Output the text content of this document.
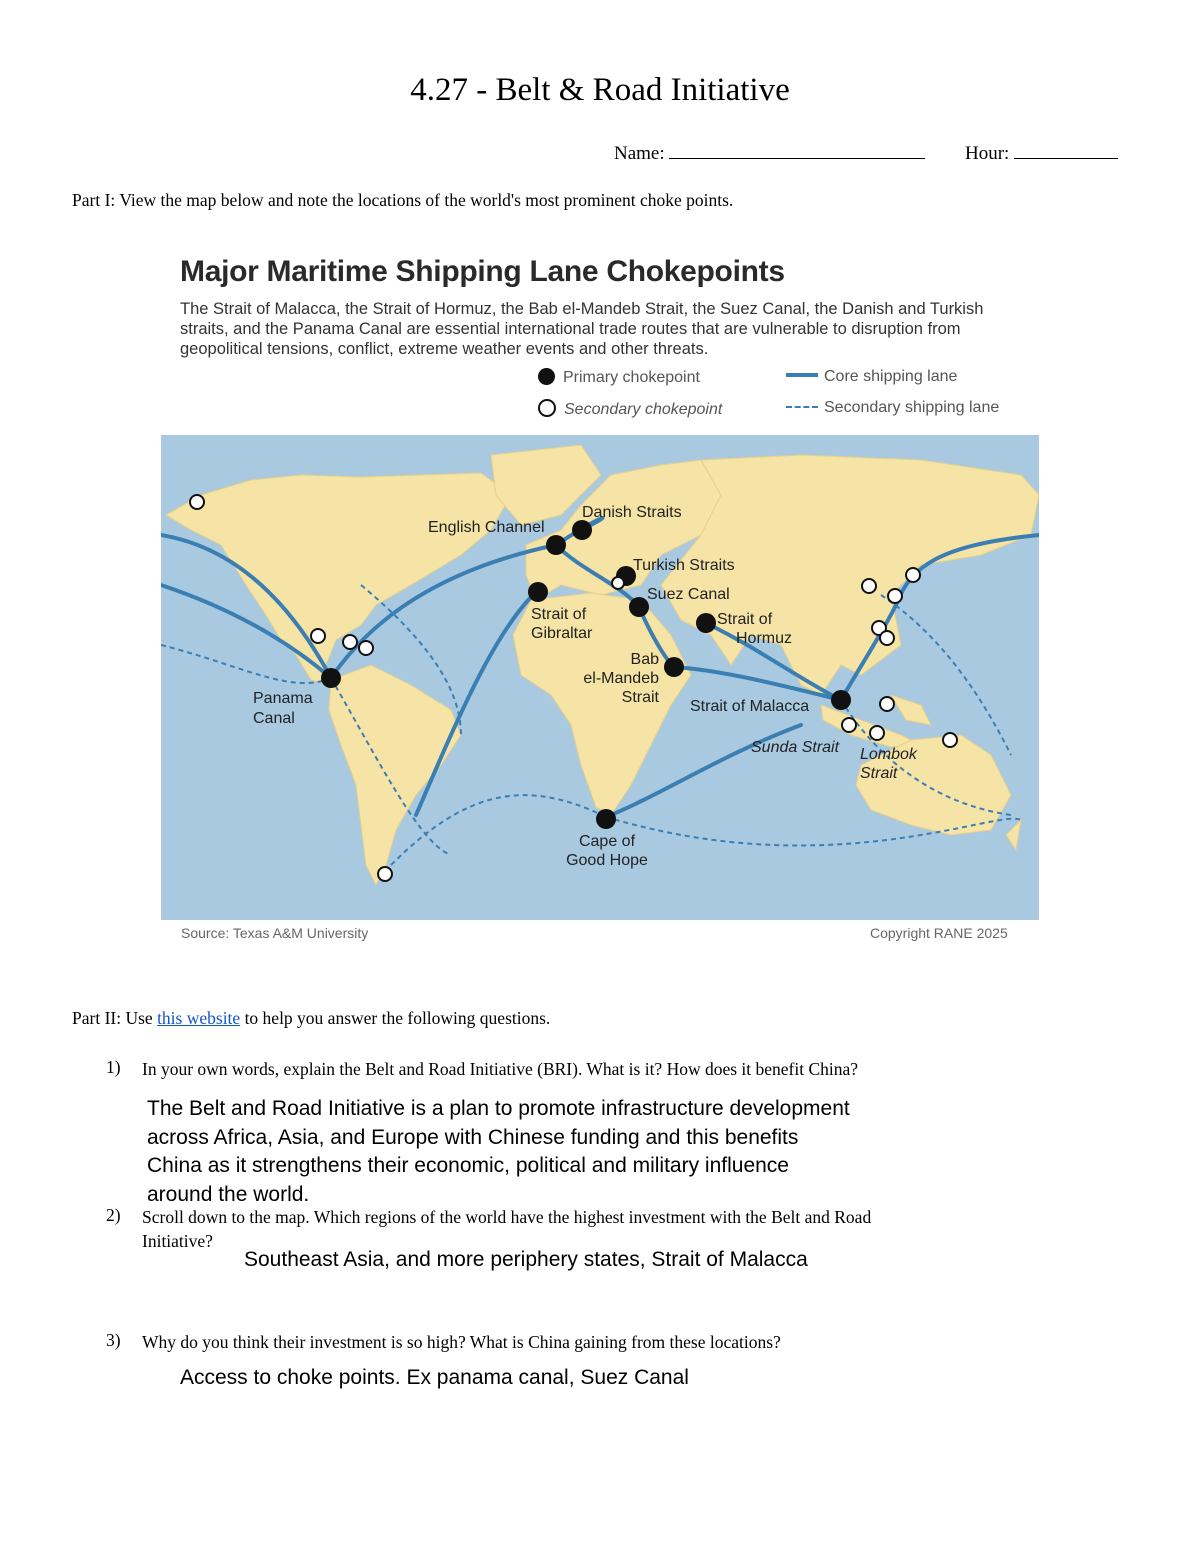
4.27 - Belt & Road Initiative
Name:	Hour:
Part I: View the map below and note the locations of the world's most prominent choke points.
Major Maritime Shipping Lane Chokepoints
The Strait of Malacca, the Strait of Hormuz, the Bab el-Mandeb Strait, the Suez Canal, the Danish and Turkish straits, and the Panama Canal are essential international trade routes that are vulnerable to disruption from geopolitical tensions, conflict, extreme weather events and other threats.
Primary chokepoint
Secondary chokepoint
Core shipping lane
Secondary shipping lane
English Channel
Danish Straits
Turkish Straits
Suez Canal
Strait of
Gibraltar
Strait of
Hormuz
Bab
el-Mandeb
Strait
Strait of Malacca
Panama
Canal
Sunda Strait Lombok
Strait
Cape of
Good Hope
Source: Texas A&M University	Copyright RANE 2025
Part II: Use this website to help you answer the following questions.
1) In your own words, explain the Belt and Road Initiative (BRI). What is it? How does it benefit China?
The Belt and Road Initiative is a plan to promote infrastructure development
across Africa, Asia, and Europe with Chinese funding and this benefits
China as it strengthens their economic, political and military influence
around the world.
2) Scroll down to the map. Which regions of the world have the highest investment with the Belt and Road
Initiative?
Southeast Asia, and more periphery states, Strait of Malacca
3) Why do you think their investment is so high? What is China gaining from these locations?
Access to choke points. Ex panama canal, Suez Canal
